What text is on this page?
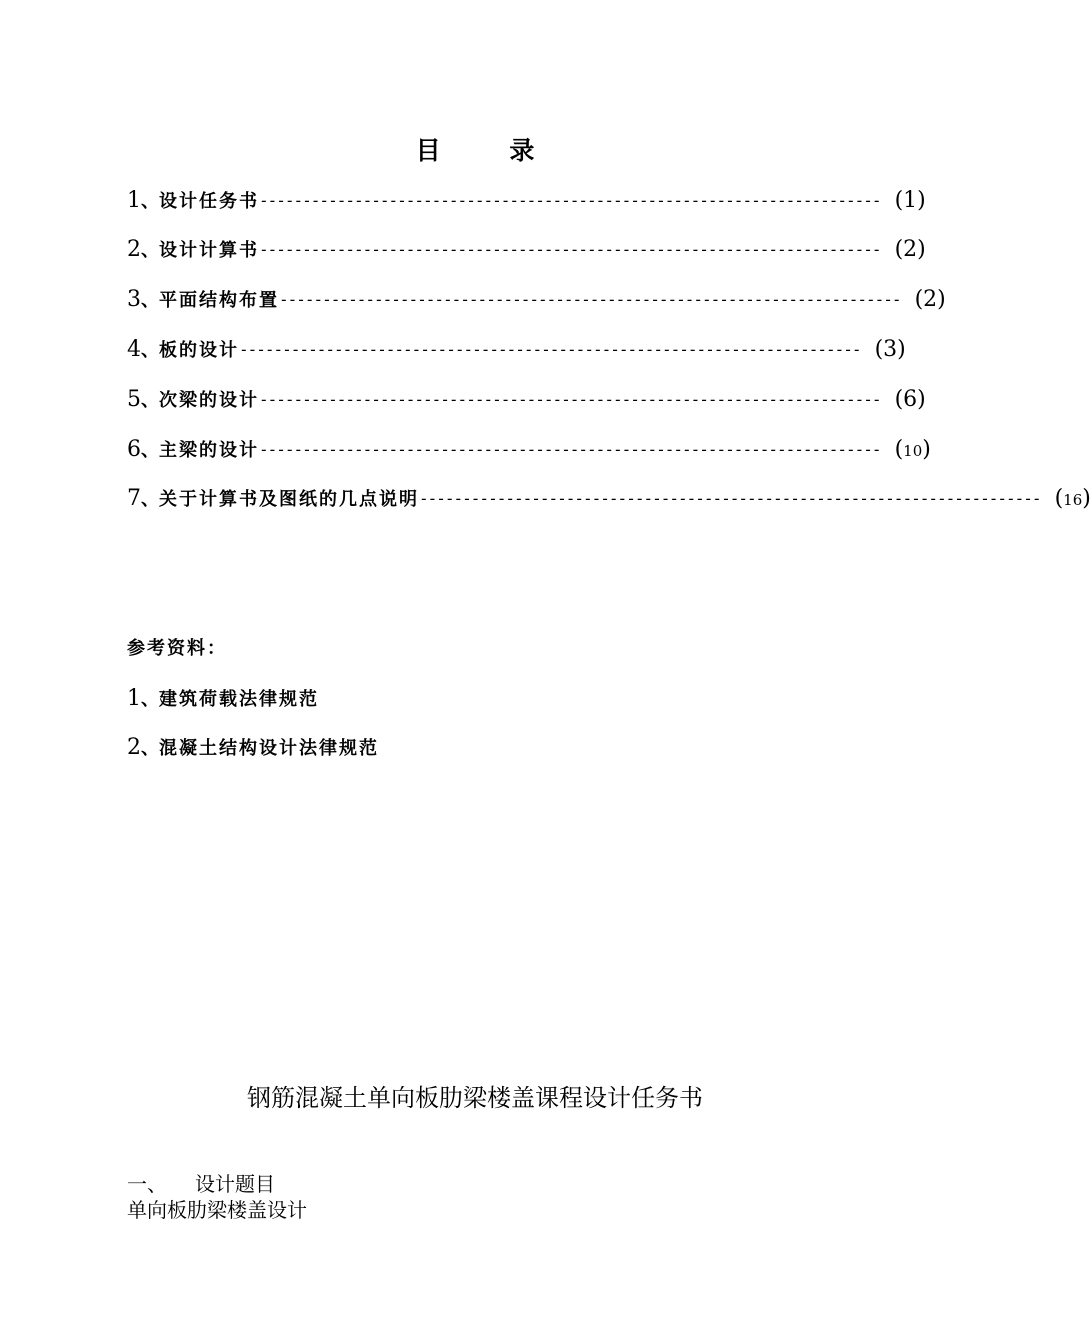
目 录
1 、 设计任务书 ------------------------------------------------------------------------ (1)
2 、 设计计算书 ------------------------------------------------------------------------ (2)
3 、 平面结构布置 ------------------------------------------------------------------------ (2)
4 、 板的设计 ------------------------------------------------------------------------ (3)
5 、 次梁的设计 ------------------------------------------------------------------------ (6)
6 、 主梁的设计 ------------------------------------------------------------------------ (10)
7 、 关于计算书及图纸的几点说明 ------------------------------------------------------------------------ (16)
参考资料：
1 、 建筑荷载法律规范
2 、 混凝土结构设计法律规范
钢筋混凝土单向板肋梁楼盖课程设计任务书
一、 设计题目
单向板肋梁楼盖设计
